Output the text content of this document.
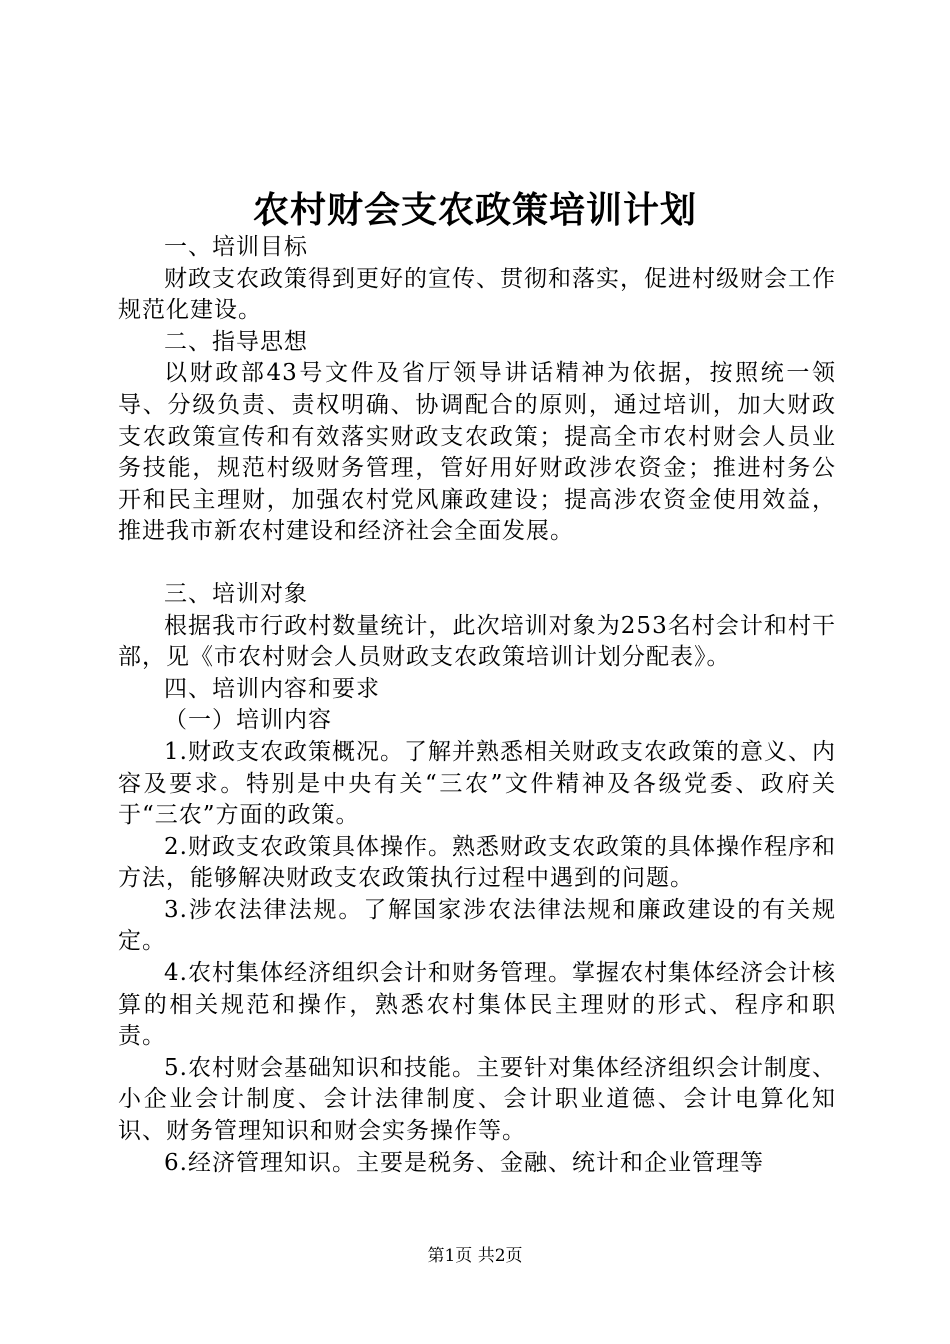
农村财会支农政策培训计划

一、培训目标

财政支农政策得到更好的宣传、贯彻和落实，促进村级财会工作规范化建设。

二、指导思想

以财政部43号文件及省厅领导讲话精神为依据，按照统一领导、分级负责、责权明确、协调配合的原则，通过培训，加大财政支农政策宣传和有效落实财政支农政策；提高全市农村财会人员业务技能，规范村级财务管理，管好用好财政涉农资金；推进村务公开和民主理财，加强农村党风廉政建设；提高涉农资金使用效益，推进我市新农村建设和经济社会全面发展。

三、培训对象

根据我市行政村数量统计，此次培训对象为253名村会计和村干部，见《市农村财会人员财政支农政策培训计划分配表》。

四、培训内容和要求

（一）培训内容

1.财政支农政策概况。了解并熟悉相关财政支农政策的意义、内容及要求。特别是中央有关“三农”文件精神及各级党委、政府关于“三农”方面的政策。

2.财政支农政策具体操作。熟悉财政支农政策的具体操作程序和方法，能够解决财政支农政策执行过程中遇到的问题。

3.涉农法律法规。了解国家涉农法律法规和廉政建设的有关规定。

4.农村集体经济组织会计和财务管理。掌握农村集体经济会计核算的相关规范和操作，熟悉农村集体民主理财的形式、程序和职责。

5.农村财会基础知识和技能。主要针对集体经济组织会计制度、小企业会计制度、会计法律制度、会计职业道德、会计电算化知识、财务管理知识和财会实务操作等。

6.经济管理知识。主要是税务、金融、统计和企业管理等

第1页 共2页
